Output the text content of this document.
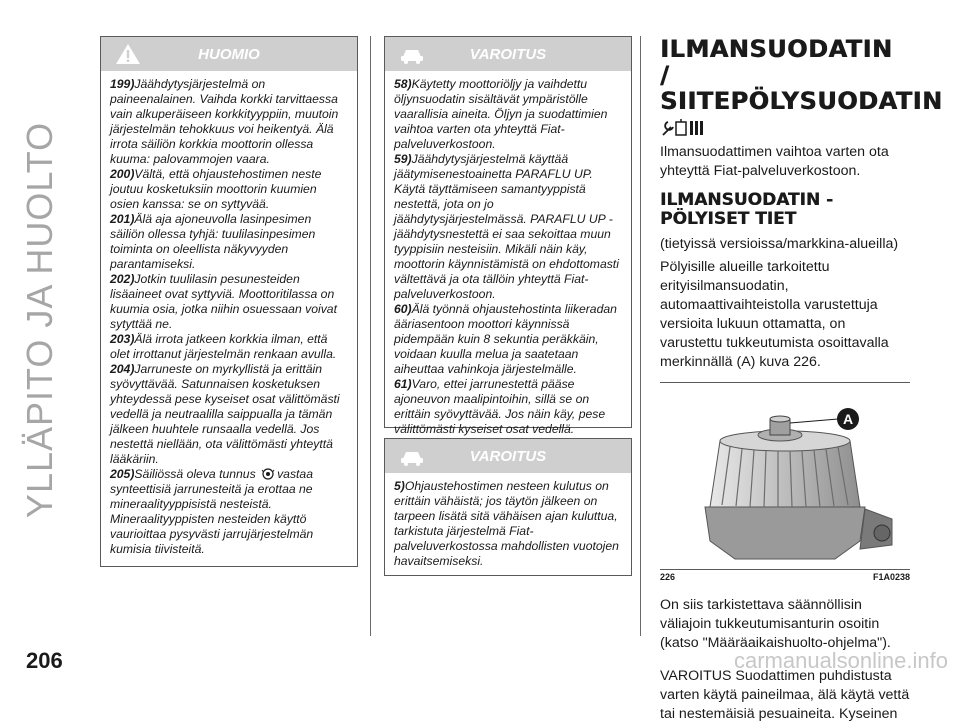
YLLÄPITO JA HUOLTO
HUOMIO

199)Jäähdytysjärjestelmä on paineenalainen. Vaihda korkki tarvittaessa vain alkuperäiseen korkkityyppiin, muutoin järjestelmän tehokkuus voi heikentyä. Älä irrota säiliön korkkia moottorin ollessa kuuma: palovammojen vaara.

200)Vältä, että ohjaustehostimen neste joutuu kosketuksiin moottorin kuumien osien kanssa: se on syttyvää.

201)Älä aja ajoneuvolla lasinpesimen säiliön ollessa tyhjä: tuulilasinpesimen toiminta on oleellista näkyvyyden parantamiseksi.

202)Jotkin tuulilasin pesunesteiden lisäaineet ovat syttyviä. Moottoritilassa on kuumia osia, jotka niihin osuessaan voivat sytyttää ne.

203)Älä irrota jatkeen korkkia ilman, että olet irrottanut järjestelmän renkaan avulla.

204)Jarruneste on myrkyllistä ja erittäin syövyttävää. Satunnaisen kosketuksen yhteydessä pese kyseiset osat välittömästi vedellä ja neutraalilla saippualla ja tämän jälkeen huuhtele runsaalla vedellä. Jos nestettä niellään, ota välittömästi yhteyttä lääkäriin.

205)Säiliössä oleva tunnus vastaa synteettisiä jarrunesteitä ja erottaa ne mineraalityyppisistä nesteistä. Mineraalityyppisten nesteiden käyttö vaurioittaa pysyvästi jarrujärjestelmän kumisia tiivisteitä.

VAROITUS

58)Käytetty moottoriöljy ja vaihdettu öljynsuodatin sisältävät ympäristölle vaarallisia aineita. Öljyn ja suodattimien vaihtoa varten ota yhteyttä Fiat-palveluverkostoon.

59)Jäähdytysjärjestelmä käyttää jäätymisenestoainetta PARAFLU UP. Käytä täyttämiseen samantyyppistä nestettä, jota on jo jäähdytysjärjestelmässä. PARAFLU UP -jäähdytysnestettä ei saa sekoittaa muun tyyppisiin nesteisiin. Mikäli näin käy, moottorin käynnistämistä on ehdottomasti vältettävä ja ota tällöin yhteyttä Fiat-palveluverkostoon.

60)Älä työnnä ohjaustehostinta liikeradan ääriasentoon moottori käynnissä pidempään kuin 8 sekuntia peräkkäin, voidaan kuulla melua ja saatetaan aiheuttaa vahinkoja järjestelmälle.

61)Varo, ettei jarrunestettä pääse ajoneuvon maalipintoihin, sillä se on erittäin syövyttävää. Jos näin käy, pese välittömästi kyseiset osat vedellä.

VAROITUS

5)Ohjaustehostimen nesteen kulutus on erittäin vähäistä; jos täytön jälkeen on tarpeen lisätä sitä vähäisen ajan kuluttua, tarkistuta järjestelmä Fiat-palveluverkostossa mahdollisten vuotojen havaitsemiseksi.

ILMANSUODATIN / SIITEPÖLYSUODATIN

Ilmansuodattimen vaihtoa varten ota yhteyttä Fiat-palveluverkostoon.

ILMANSUODATIN - PÖLYISET TIET

(tietyissä versioissa/markkina-alueilla)

Pölyisille alueille tarkoitettu erityisilmansuodatin, automaattivaihteistolla varustettuja versioita lukuun ottamatta, on varustettu tukkeutumista osoittavalla merkinnällä (A) kuva 226.

A
226	F1A0238

On siis tarkistettava säännöllisin väliajoin tukkeutumisanturin osoitin (katso "Määräaikaishuolto-ohjelma").

VAROITUS Suodattimen puhdistusta varten käytä paineilmaa, älä käytä vettä tai nestemäisiä pesuaineita. Kyseinen

206	carmanualsonline.info
